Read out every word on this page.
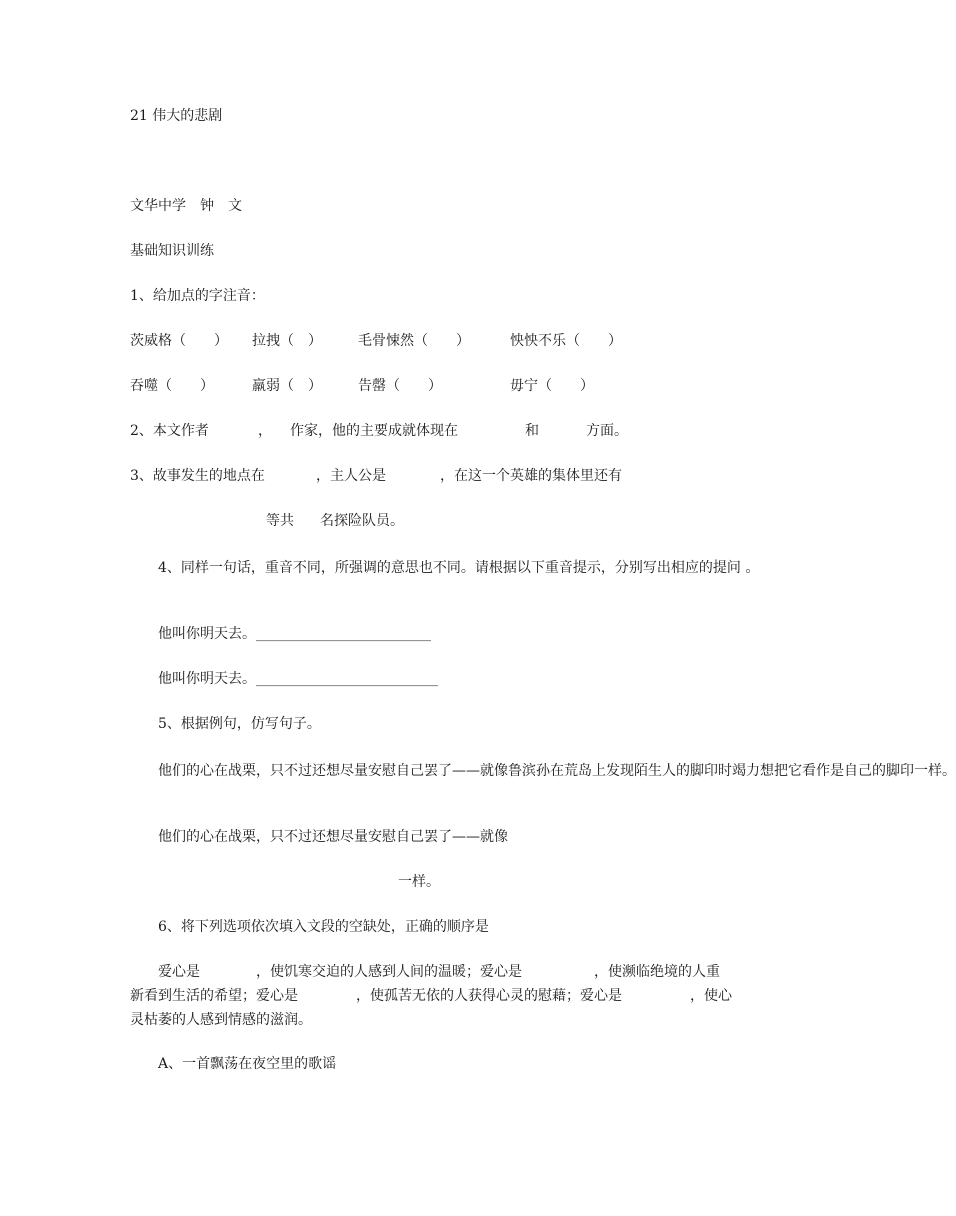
21 伟大的悲剧
文华中学　钟　文
基础知识训练
1、给加点的字注音：
茨威格（　　） 拉拽（　）	毛骨悚然（　　）	怏怏不乐（　　）
吞噬（　　）	羸弱（　）	告罄（　　）	毋宁（　　）
2、本文作者	， 作家，他的主要成就体现在	和	方面。
3、故事发生的地点在	，主人公是	，在这一个英雄的集体里还有
等共 名探险队员。
4、同样一句话，重音不同，所强调的意思也不同。请根据以下重音提示，分别写出相应的提问 。
他叫你明天去。_________________________
他叫你明天去。__________________________
5、根据例句，仿写句子。
他们的心在战栗，只不过还想尽量安慰自己罢了——就像鲁滨孙在荒岛上发现陌生人的脚印时竭力想把它看作是自己的脚印一样。
他们的心在战栗，只不过还想尽量安慰自己罢了——就像
一样。
6、将下列选项依次填入文段的空缺处，正确的顺序是
爱心是	，使饥寒交迫的人感到人间的温暖；爱心是	，使濒临绝境的人重
新看到生活的希望；爱心是	，使孤苦无依的人获得心灵的慰藉；爱心是	，使心
灵枯萎的人感到情感的滋润。
A、一首飘荡在夜空里的歌谣
